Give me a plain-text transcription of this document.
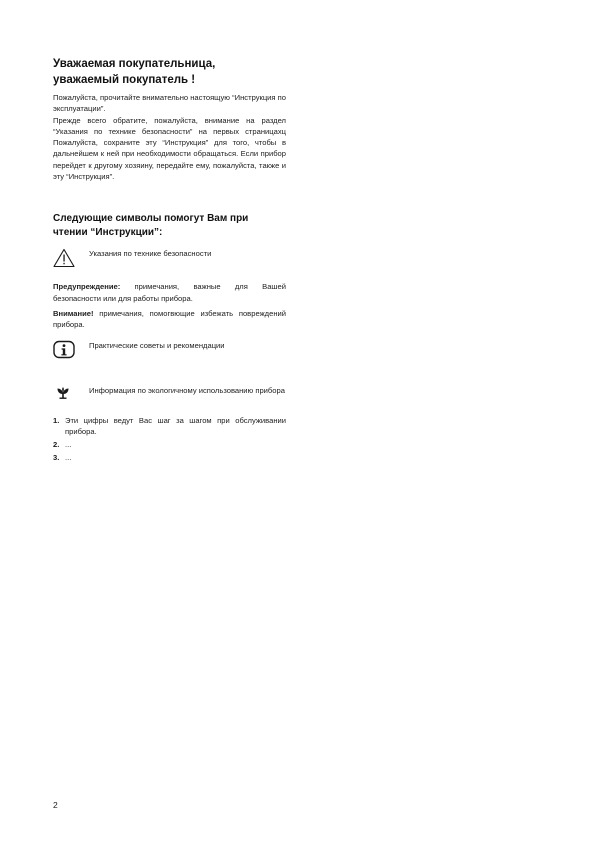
Уважаемая покупательница,
уважаемый покупатель !

Пожалуйста, прочитайте внимательно настоящую “Инструкция по эксплуатации”.

Прежде всего обратите, пожалуйста, внимание на раздел “Указания по технике безопасности” на первых страницахц Пожалуйста, сохраните эту “Инструкция” для того, чтобы в дальнейшем к ней при необходимости обращаться. Если прибор перейдет к другому хозяину, передайте ему, пожалуйста, также и эту “Инструкция”.

Следующие символы помогут Вам при
чтении “Инструкции”:
Указания по технике безопасности

Предупреждение: примечания, важные для Вашей безопасности или для работы прибора.

Внимание! примечания, помогвющие избежать повреждений прибора.

Практические советы и рекомендации
Информация по экологичному использованию прибора
1. Эти цифры ведут Вас шаг за шагом при обслуживании прибора.
2. ...
3. ...
2
